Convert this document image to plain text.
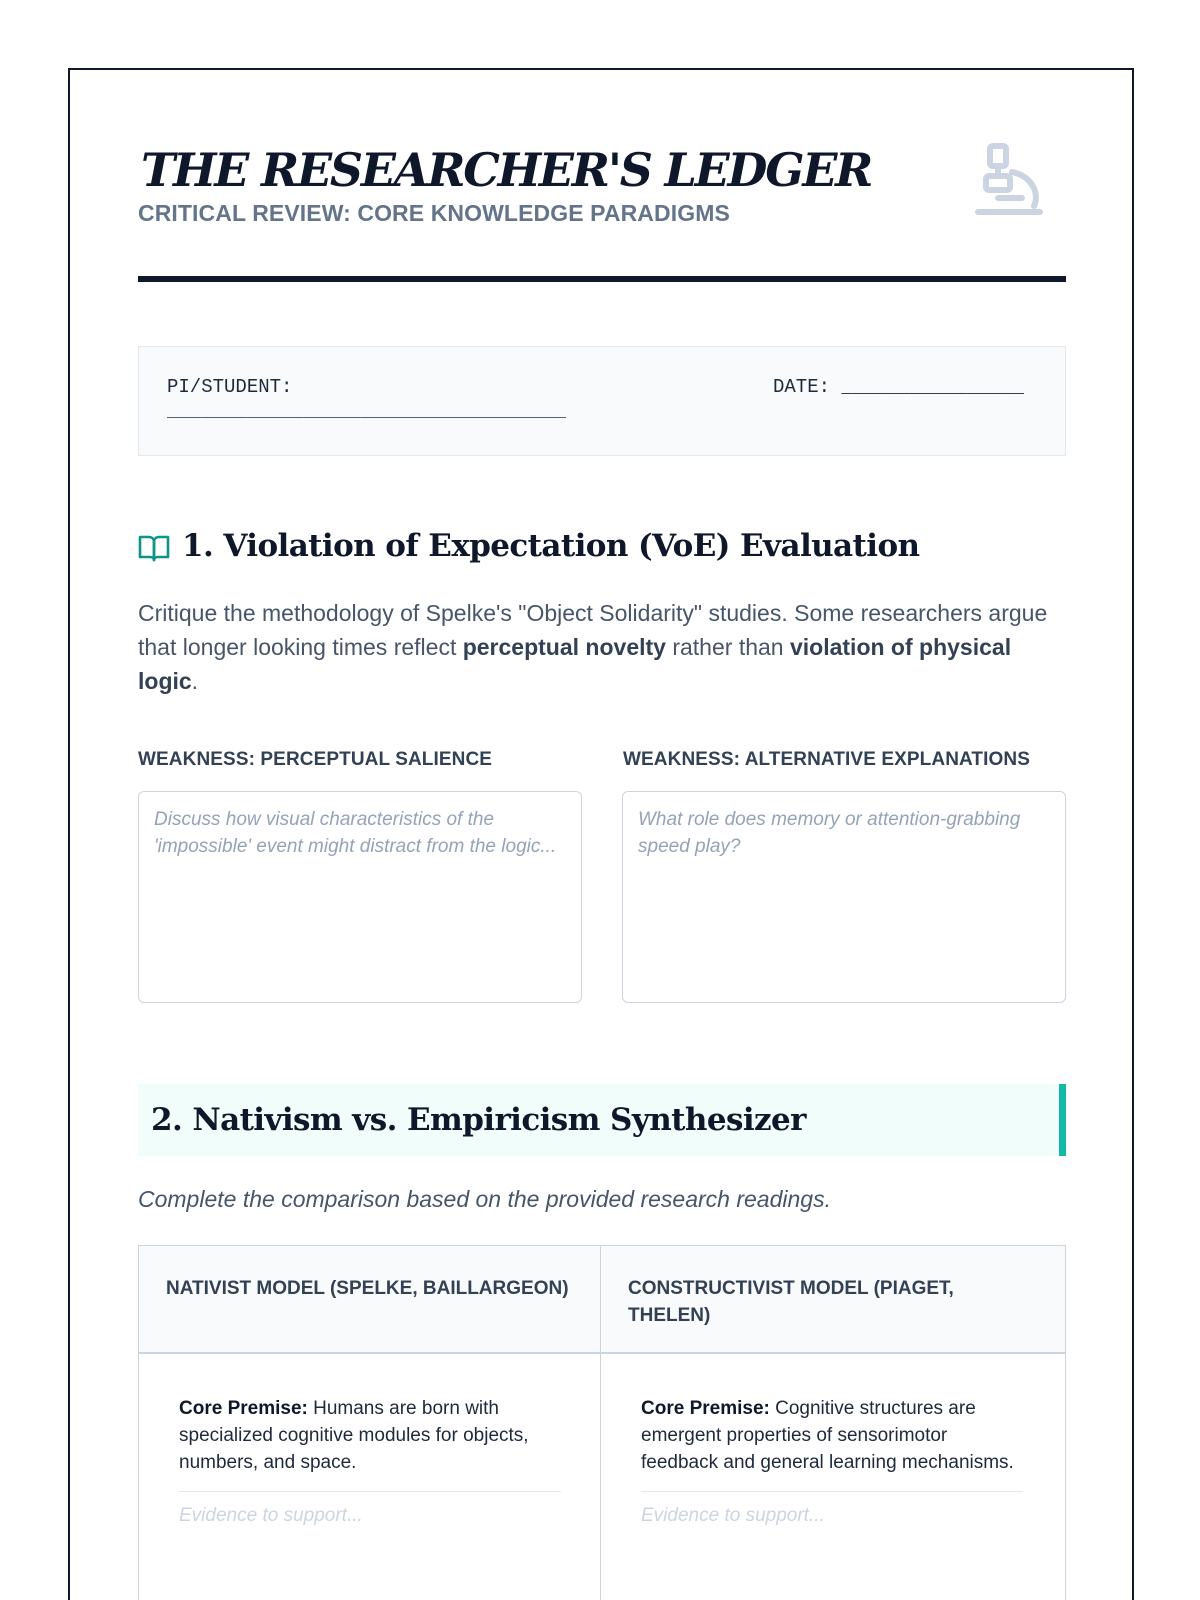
THE RESEARCHER'S LEDGER
CRITICAL REVIEW: CORE KNOWLEDGE PARADIGMS
PI/STUDENT:
___________________________________
DATE: ________________
1. Violation of Expectation (VoE) Evaluation
Critique the methodology of Spelke's "Object Solidarity" studies. Some researchers argue that longer looking times reflect perceptual novelty rather than violation of physical logic.
WEAKNESS: PERCEPTUAL SALIENCE	WEAKNESS: ALTERNATIVE EXPLANATIONS
Discuss how visual characteristics of the 'impossible' event might distract from the logic...
What role does memory or attention-grabbing speed play?
2. Nativism vs. Empiricism Synthesizer
Complete the comparison based on the provided research readings.
NATIVIST MODEL (SPELKE, BAILLARGEON)	CONSTRUCTIVIST MODEL (PIAGET, THELEN)
Core Premise: Humans are born with specialized cognitive modules for objects, numbers, and space.
Evidence to support...
Core Premise: Cognitive structures are emergent properties of sensorimotor feedback and general learning mechanisms.
Evidence to support...
